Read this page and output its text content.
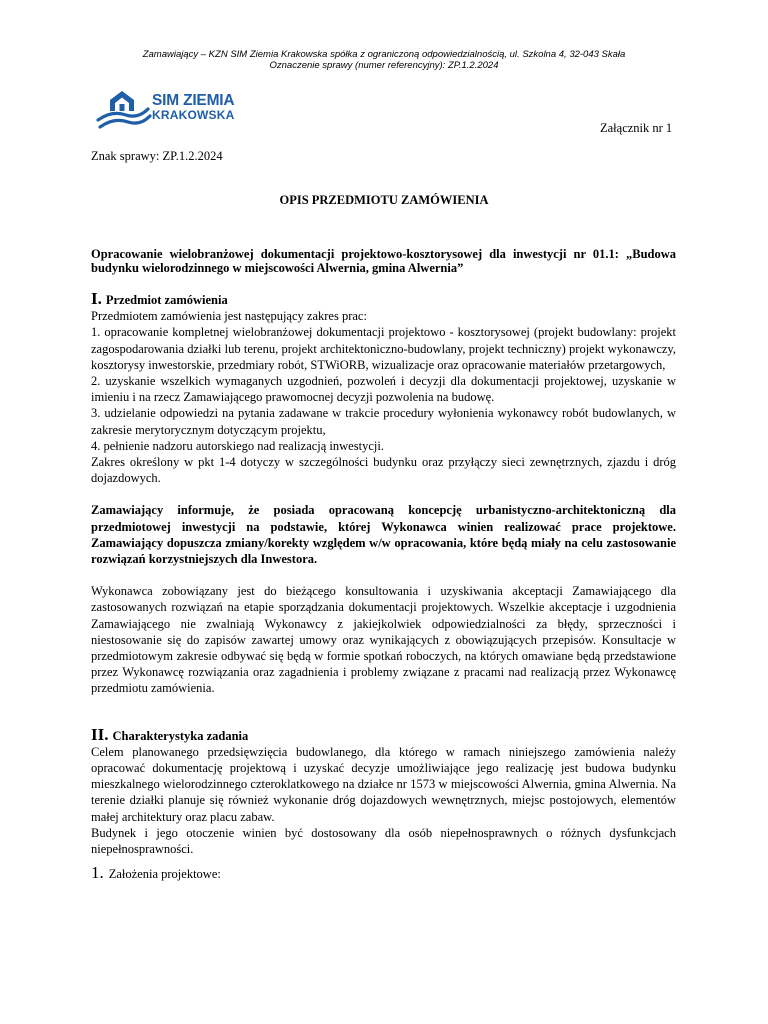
Zamawiający – KZN SIM Ziemia Krakowska spółka z ograniczoną odpowiedzialnością, ul. Szkolna 4, 32-043 Skała
Oznaczenie sprawy (numer referencyjny): ZP.1.2.2024
SIM ZIEMIA
KRAKOWSKA
Załącznik nr 1
Znak sprawy: ZP.1.2.2024
OPIS PRZEDMIOTU ZAMÓWIENIA

Opracowanie wielobranżowej dokumentacji projektowo-kosztorysowej dla inwestycji nr 01.1: „Budowa budynku wielorodzinnego w miejscowości Alwernia, gmina Alwernia”

I. Przedmiot zamówienia

Przedmiotem zamówienia jest następujący zakres prac:

1. opracowanie kompletnej wielobranżowej dokumentacji projektowo - kosztorysowej (projekt budowlany: projekt zagospodarowania działki lub terenu, projekt architektoniczno-budowlany, projekt techniczny) projekt wykonawczy, kosztorysy inwestorskie, przedmiary robót, STWiORB, wizualizacje oraz opracowanie materiałów przetargowych,

2. uzyskanie wszelkich wymaganych uzgodnień, pozwoleń i decyzji dla dokumentacji projektowej, uzyskanie w imieniu i na rzecz Zamawiającego prawomocnej decyzji pozwolenia na budowę.

3. udzielanie odpowiedzi na pytania zadawane w trakcie procedury wyłonienia wykonawcy robót budowlanych, w zakresie merytorycznym dotyczącym projektu,

4. pełnienie nadzoru autorskiego nad realizacją inwestycji.

Zakres określony w pkt 1-4 dotyczy w szczególności budynku oraz przyłączy sieci zewnętrznych, zjazdu i dróg dojazdowych.

Zamawiający informuje, że posiada opracowaną koncepcję urbanistyczno-architektoniczną dla przedmiotowej inwestycji na podstawie, której Wykonawca winien realizować prace projektowe. Zamawiający dopuszcza zmiany/korekty względem w/w opracowania, które będą miały na celu zastosowanie rozwiązań korzystniejszych dla Inwestora.

Wykonawca zobowiązany jest do bieżącego konsultowania i uzyskiwania akceptacji Zamawiającego dla zastosowanych rozwiązań na etapie sporządzania dokumentacji projektowych. Wszelkie akceptacje i uzgodnienia Zamawiającego nie zwalniają Wykonawcy z jakiejkolwiek odpowiedzialności za błędy, sprzeczności i niestosowanie się do zapisów zawartej umowy oraz wynikających z obowiązujących przepisów. Konsultacje w przedmiotowym zakresie odbywać się będą w formie spotkań roboczych, na których omawiane będą przedstawione przez Wykonawcę rozwiązania oraz zagadnienia i problemy związane z pracami nad realizacją przez Wykonawcę przedmiotu zamówienia.

II. Charakterystyka zadania

Celem planowanego przedsięwzięcia budowlanego, dla którego w ramach niniejszego zamówienia należy opracować dokumentację projektową i uzyskać decyzje umożliwiające jego realizację jest budowa budynku mieszkalnego wielorodzinnego czteroklatkowego na działce nr 1573 w miejscowości Alwernia, gmina Alwernia. Na terenie działki planuje się również wykonanie dróg dojazdowych wewnętrznych, miejsc postojowych, elementów małej architektury oraz placu zabaw.

Budynek i jego otoczenie winien być dostosowany dla osób niepełnosprawnych o różnych dysfunkcjach niepełnosprawności.

1. Założenia projektowe:
